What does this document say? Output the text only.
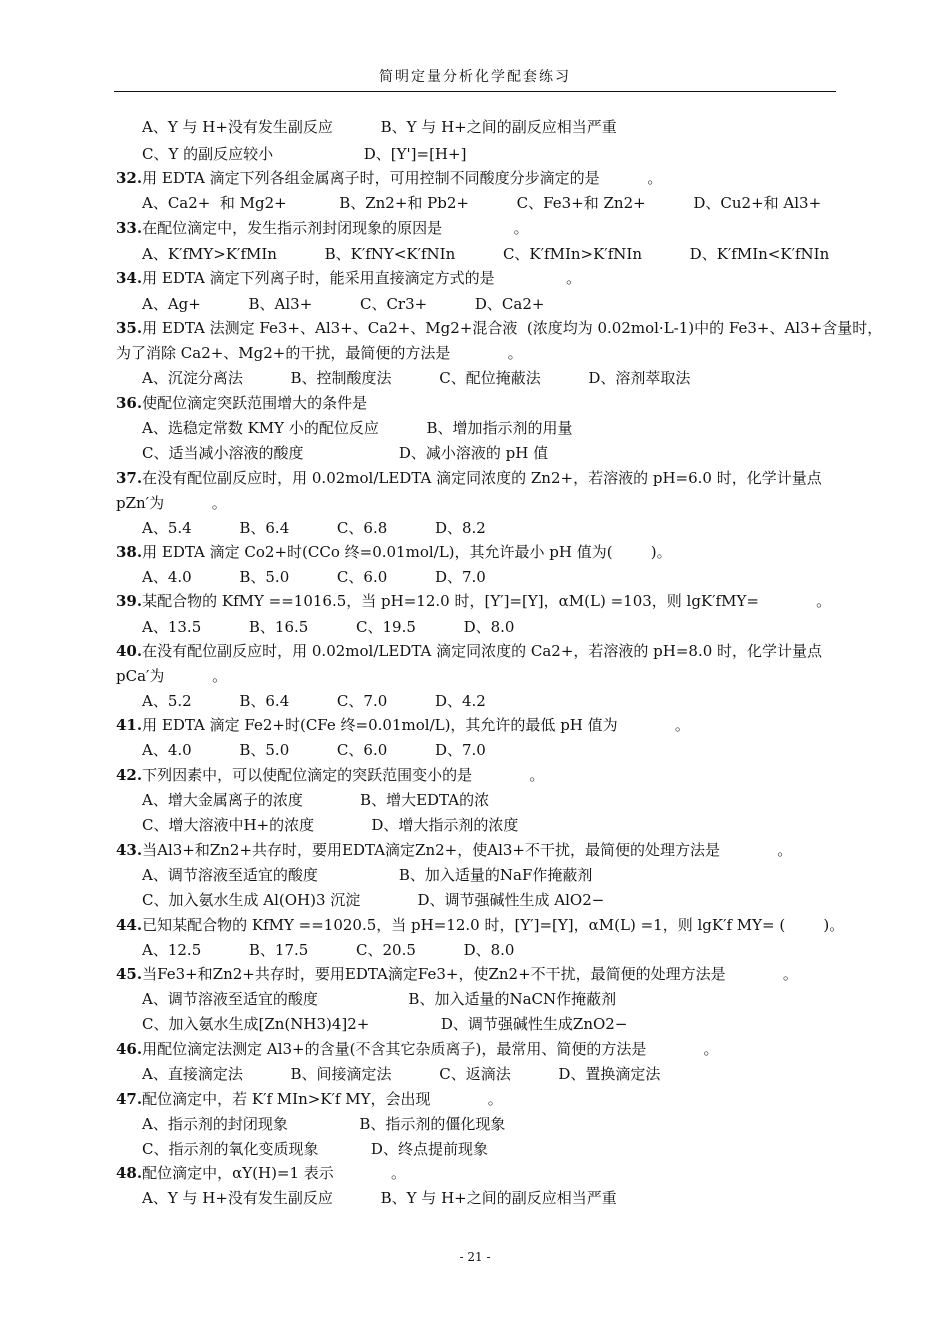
简明定量分析化学配套练习
A、Y 与 H+没有发生副反应          B、Y 与 H+之间的副反应相当严重
C、Y 的副反应较小                   D、[Y']=[H+]
32.用 EDTA 滴定下列各组金属离子时，可用控制不同酸度分步滴定的是          。
A、Ca2+  和 Mg2+           B、Zn2+和 Pb2+          C、Fe3+和 Zn2+          D、Cu2+和 Al3+
33.在配位滴定中，发生指示剂封闭现象的原因是               。
A、K′fMY>K′fMIn          B、K′fNY<K′fNIn          C、K′fMIn>K′fNIn          D、K′fMIn<K′fNIn
34.用 EDTA 滴定下列离子时，能采用直接滴定方式的是               。
A、Ag+          B、Al3+          C、Cr3+          D、Ca2+
35.用 EDTA 法测定 Fe3+、Al3+、Ca2+、Mg2+混合液  (浓度均为 0.02mol·L-1)中的 Fe3+、Al3+含量时，
为了消除 Ca2+、Mg2+的干扰，最简便的方法是            。
A、沉淀分离法          B、控制酸度法          C、配位掩蔽法          D、溶剂萃取法
36.使配位滴定突跃范围增大的条件是
A、选稳定常数 KMY 小的配位反应          B、增加指示剂的用量
C、适当减小溶液的酸度                    D、减小溶液的 pH 值
37.在没有配位副反应时，用 0.02mol/LEDTA 滴定同浓度的 Zn2+，若溶液的 pH=6.0 时，化学计量点
pZn′为          。
A、5.4          B、6.4          C、6.8          D、8.2
38.用 EDTA 滴定 Co2+时(CCo 终=0.01mol/L)，其允许最小 pH 值为(        )。
A、4.0          B、5.0          C、6.0          D、7.0
39.某配合物的 KfMY ==1016.5，当 pH=12.0 时，[Y′]=[Y]，αM(L) =103，则 lgK′fMY=            。
A、13.5          B、16.5          C、19.5          D、8.0
40.在没有配位副反应时，用 0.02mol/LEDTA 滴定同浓度的 Ca2+，若溶液的 pH=8.0 时，化学计量点
pCa′为          。
A、5.2          B、6.4          C、7.0          D、4.2
41.用 EDTA 滴定 Fe2+时(CFe 终=0.01mol/L)，其允许的最低 pH 值为            。
A、4.0          B、5.0          C、6.0          D、7.0
42.下列因素中，可以使配位滴定的突跃范围变小的是            。
A、增大金属离子的浓度            B、增大EDTA的浓
C、增大溶液中H+的浓度            D、增大指示剂的浓度
43.当Al3+和Zn2+共存时，要用EDTA滴定Zn2+，使Al3+不干扰，最简便的处理方法是            。
A、调节溶液至适宜的酸度                 B、加入适量的NaF作掩蔽剂
C、加入氨水生成 Al(OH)3 沉淀            D、调节强碱性生成 AlO2−
44.已知某配合物的 KfMY ==1020.5，当 pH=12.0 时，[Y′]=[Y]，αM(L) =1，则 lgK′f MY= (        )。
A、12.5          B、17.5          C、20.5          D、8.0
45.当Fe3+和Zn2+共存时，要用EDTA滴定Fe3+，使Zn2+不干扰，最简便的处理方法是            。
A、调节溶液至适宜的酸度                   B、加入适量的NaCN作掩蔽剂
C、加入氨水生成[Zn(NH3)4]2+               D、调节强碱性生成ZnO2−
46.用配位滴定法测定 Al3+的含量(不含其它杂质离子)，最常用、简便的方法是            。
A、直接滴定法          B、间接滴定法          C、返滴法          D、置换滴定法
47.配位滴定中，若 K′f MIn>K′f MY，会出现            。
A、指示剂的封闭现象               B、指示剂的僵化现象
C、指示剂的氧化变质现象           D、终点提前现象
48.配位滴定中，αY(H)=1 表示            。
A、Y 与 H+没有发生副反应          B、Y 与 H+之间的副反应相当严重
- 21 -
